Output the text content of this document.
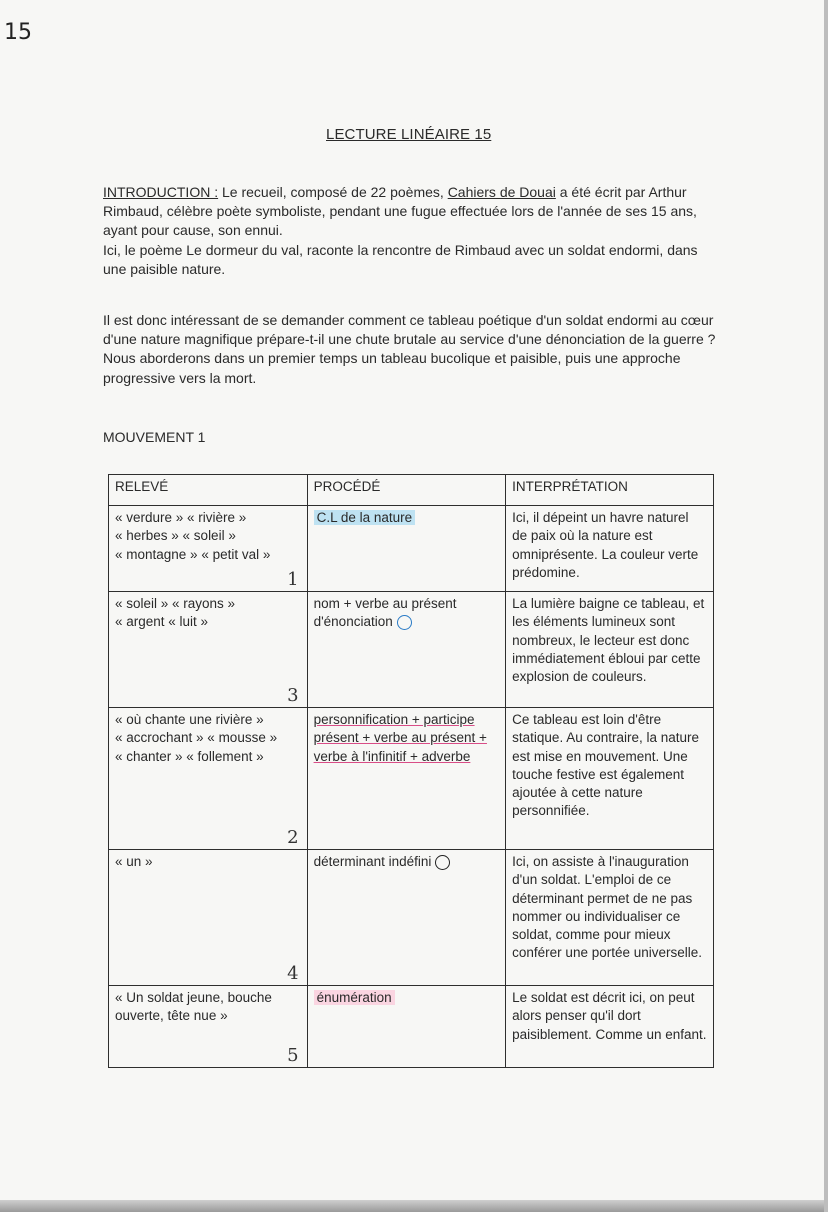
15
LECTURE LINÉAIRE 15
INTRODUCTION : Le recueil, composé de 22 poèmes, Cahiers de Douai a été écrit par Arthur Rimbaud, célèbre poète symboliste, pendant une fugue effectuée lors de l'année de ses 15 ans, ayant pour cause, son ennui.
Ici, le poème Le dormeur du val, raconte la rencontre de Rimbaud avec un soldat endormi, dans une paisible nature.
Il est donc intéressant de se demander comment ce tableau poétique d'un soldat endormi au cœur d'une nature magnifique prépare-t-il une chute brutale au service d'une dénonciation de la guerre ?
Nous aborderons dans un premier temps un tableau bucolique et paisible, puis une approche progressive vers la mort.
MOUVEMENT 1
RELEVÉ	PROCÉDÉ	INTERPRÉTATION

« verdure » « rivière »
« herbes » « soleil »
« montagne » « petit val »
1	C.L de la nature	Ici, il dépeint un havre naturel de paix où la nature est omniprésente. La couleur verte prédomine.

« soleil » « rayons »
« argent « luit »
3	nom + verbe au présent d'énonciation	La lumière baigne ce tableau, et les éléments lumineux sont nombreux, le lecteur est donc immédiatement ébloui par cette explosion de couleurs.

« où chante une rivière »
« accrochant » « mousse »
« chanter » « follement »
2	personnification + participe présent + verbe au présent + verbe à l'infinitif + adverbe	Ce tableau est loin d'être statique. Au contraire, la nature est mise en mouvement. Une touche festive est également ajoutée à cette nature personnifiée.

« un »
4	déterminant indéfini	Ici, on assiste à l'inauguration d'un soldat. L'emploi de ce déterminant permet de ne pas nommer ou individualiser ce soldat, comme pour mieux conférer une portée universelle.

« Un soldat jeune, bouche ouverte, tête nue »
5	énumération	Le soldat est décrit ici, on peut alors penser qu'il dort paisiblement. Comme un enfant.
